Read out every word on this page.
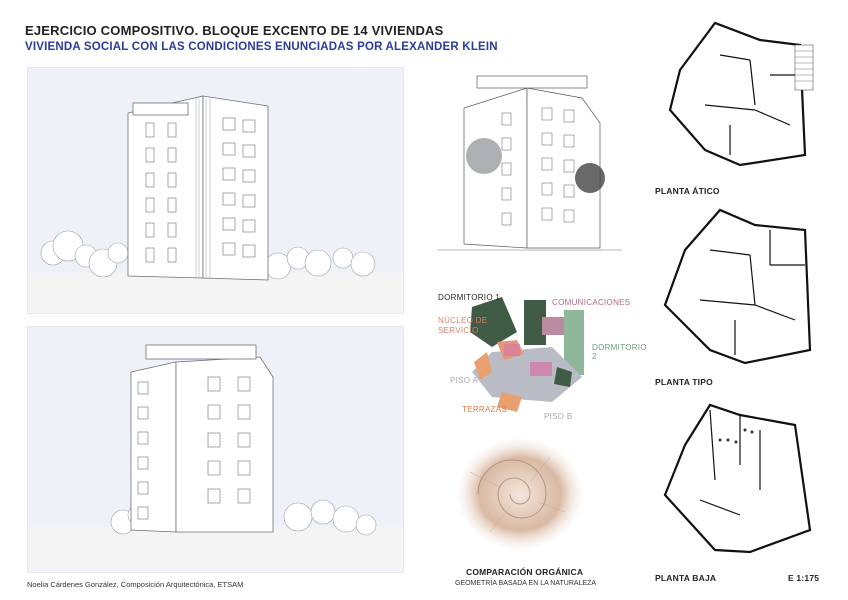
EJERCICIO COMPOSITIVO. BLOQUE EXCENTO DE 14 VIVIENDAS
VIVIENDA SOCIAL CON LAS CONDICIONES ENUNCIADAS POR ALEXANDER KLEIN
DORMITORIO 1
COMUNICACIONES
NÚCLEO DE
SERVICIO
DORMITORIO 2
PISO A
PISO B
TERRAZAS
COMPARACIÓN ORGÁNICA
GEOMETRÍA BASADA EN LA NATURALEZA
PLANTA ÁTICO
PLANTA TIPO
PLANTA BAJA	E 1:175
Noelia Cárdenes González, Composición Arquitectónica, ETSAM
